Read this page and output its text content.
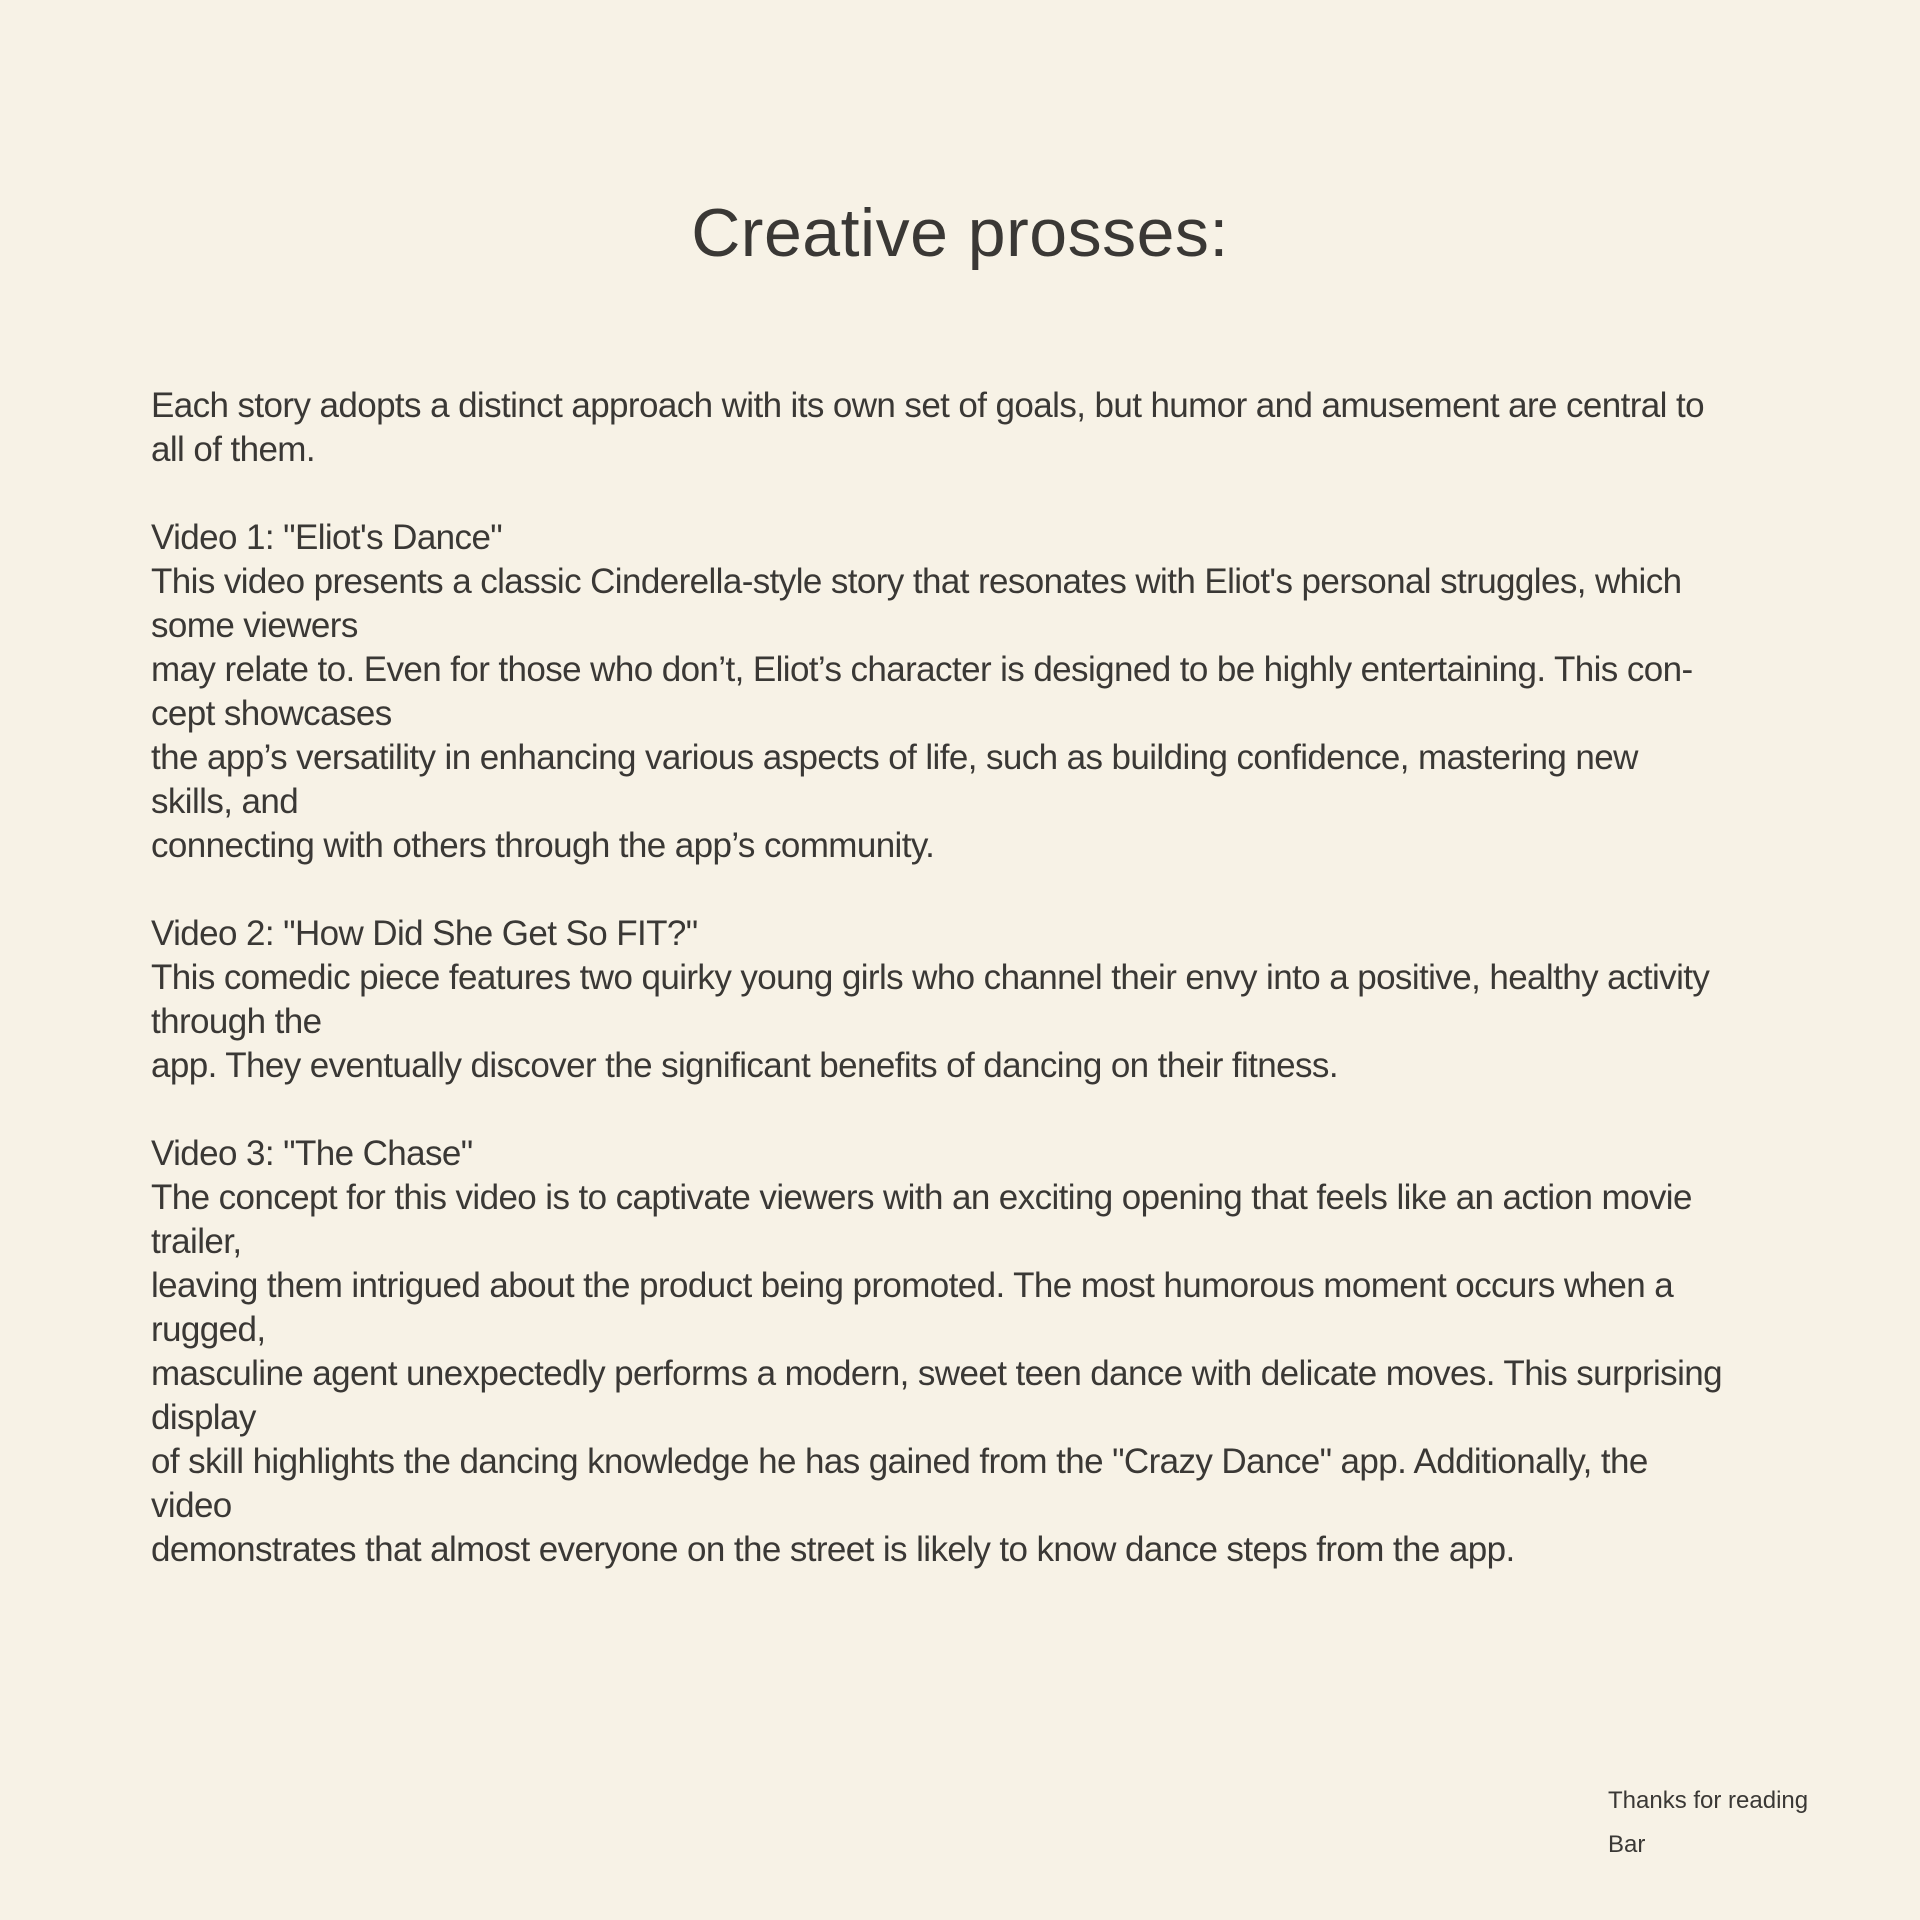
Creative prosses:
Each story adopts a distinct approach with its own set of goals, but humor and amusement are central to
all of them.
Video 1: "Eliot's Dance"
This video presents a classic Cinderella-style story that resonates with Eliot's personal struggles, which
some viewers
may relate to. Even for those who don’t, Eliot’s character is designed to be highly entertaining. This con-
cept showcases
the app’s versatility in enhancing various aspects of life, such as building confidence, mastering new
skills, and
connecting with others through the app’s community.
Video 2: "How Did She Get So FIT?"
This comedic piece features two quirky young girls who channel their envy into a positive, healthy activity
through the
app. They eventually discover the significant benefits of dancing on their fitness.
Video 3: "The Chase"
The concept for this video is to captivate viewers with an exciting opening that feels like an action movie
trailer,
leaving them intrigued about the product being promoted. The most humorous moment occurs when a
rugged,
masculine agent unexpectedly performs a modern, sweet teen dance with delicate moves. This surprising
display
of skill highlights the dancing knowledge he has gained from the "Crazy Dance" app. Additionally, the
video
demonstrates that almost everyone on the street is likely to know dance steps from the app.
Thanks for reading
Bar
